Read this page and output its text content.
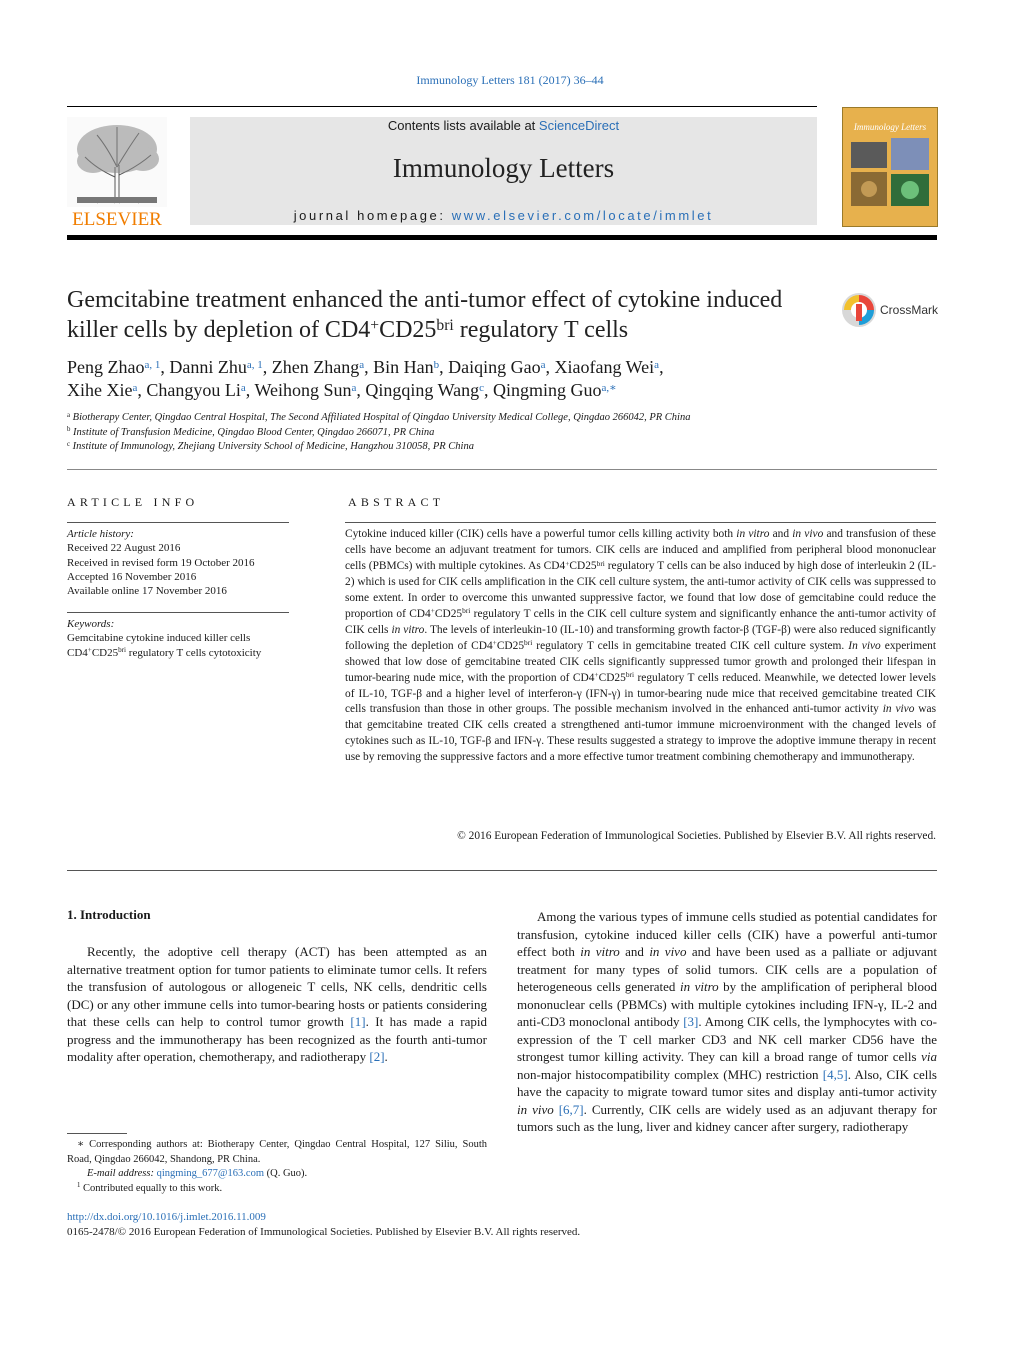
Immunology Letters 181 (2017) 36–44
ELSEVIER
Contents lists available at ScienceDirect
Immunology Letters
journal homepage: www.elsevier.com/locate/immlet
Immunology Letters
Gemcitabine treatment enhanced the anti-tumor effect of cytokine induced killer cells by depletion of $CD4^+CD25^{bri}$ regulatory T cells
CrossMark
Peng Zhao$^{a, 1}$, Danni Zhu$^{a, 1}$, Zhen Zhang$^a$, Bin Han$^b$, Daiqing Gao$^a$, Xiaofang Wei$^a$,
Xihe Xie$^a$, Changyou Li$^a$, Weihong Sun$^a$, Qingqing Wang$^c$, Qingming Guo$^{a,∗}$
$^a$ Biotherapy Center, Qingdao Central Hospital, The Second Affiliated Hospital of Qingdao University Medical College, Qingdao 266042, PR China
$^b$ Institute of Transfusion Medicine, Qingdao Blood Center, Qingdao 266071, PR China
$^c$ Institute of Immunology, Zhejiang University School of Medicine, Hangzhou 310058, PR China
ARTICLE INFO
Article history:
Received 22 August 2016
Received in revised form 19 October 2016
Accepted 16 November 2016
Available online 17 November 2016
Keywords:
Gemcitabine cytokine induced killer cells
$CD4^+CD25^{bri}$ regulatory T cells cytotoxicity
ABSTRACT
Cytokine induced killer (CIK) cells have a powerful tumor cells killing activity both in vitro and in vivo and transfusion of these cells have become an adjuvant treatment for tumors. CIK cells are induced and amplified from peripheral blood mononuclear cells (PBMCs) with multiple cytokines. As $CD4^+CD25^{bri}$ regulatory T cells can be also induced by high dose of interleukin 2 (IL-2) which is used for CIK cells amplification in the CIK cell culture system, the anti-tumor activity of CIK cells was suppressed to some extent. In order to overcome this unwanted suppressive factor, we found that low dose of gemcitabine could reduce the proportion of $CD4^+CD25^{bri}$ regulatory T cells in the CIK cell culture system and significantly enhance the anti-tumor activity of CIK cells in vitro. The levels of interleukin-10 (IL-10) and transforming growth factor-β (TGF-β) were also reduced significantly following the depletion of $CD4^+CD25^{bri}$ regulatory T cells in gemcitabine treated CIK cell culture system. In vivo experiment showed that low dose of gemcitabine treated CIK cells significantly suppressed tumor growth and prolonged their lifespan in tumor-bearing nude mice, with the proportion of $CD4^+CD25^{bri}$ regulatory T cells reduced. Meanwhile, we detected lower levels of IL-10, TGF-β and a higher level of interferon-γ (IFN-γ) in tumor-bearing nude mice that received gemcitabine treated CIK cells transfusion than those in other groups. The possible mechanism involved in the enhanced anti-tumor activity in vivo was that gemcitabine treated CIK cells created a strengthened anti-tumor immune microenvironment with the changed levels of cytokines such as IL-10, TGF-β and IFN-γ. These results suggested a strategy to improve the adoptive immune therapy in recent use by removing the suppressive factors and a more effective tumor treatment combining chemotherapy and immunotherapy.
© 2016 European Federation of Immunological Societies. Published by Elsevier B.V. All rights reserved.
1. Introduction

Recently, the adoptive cell therapy (ACT) has been attempted as an alternative treatment option for tumor patients to eliminate tumor cells. It refers the transfusion of autologous or allogeneic T cells, NK cells, dendritic cells (DC) or any other immune cells into tumor-bearing hosts or patients considering that these cells can help to control tumor growth [1]. It has made a rapid progress and the immunotherapy has been recognized as the fourth anti-tumor modality after operation, chemotherapy, and radiotherapy [2].

Among the various types of immune cells studied as potential candidates for transfusion, cytokine induced killer cells (CIK) have a powerful anti-tumor effect both in vitro and in vivo and have been used as a palliate or adjuvant treatment for many types of solid tumors. CIK cells are a population of heterogeneous cells generated in vitro by the amplification of peripheral blood mononuclear cells (PBMCs) with multiple cytokines including IFN-γ, IL-2 and anti-CD3 monoclonal antibody [3]. Among CIK cells, the lymphocytes with co-expression of the T cell marker CD3 and NK cell marker CD56 have the strongest tumor killing activity. They can kill a broad range of tumor cells via non-major histocompatibility complex (MHC) restriction [4,5]. Also, CIK cells have the capacity to migrate toward tumor sites and display anti-tumor activity in vivo [6,7]. Currently, CIK cells are widely used as an adjuvant therapy for tumors such as the lung, liver and kidney cancer after surgery, radiotherapy

∗ Corresponding authors at: Biotherapy Center, Qingdao Central Hospital, 127 Siliu, South Road, Qingdao 266042, Shandong, PR China.
E-mail address: qingming_677@163.com (Q. Guo).
$^1$ Contributed equally to this work.
http://dx.doi.org/10.1016/j.imlet.2016.11.009
0165-2478/© 2016 European Federation of Immunological Societies. Published by Elsevier B.V. All rights reserved.
